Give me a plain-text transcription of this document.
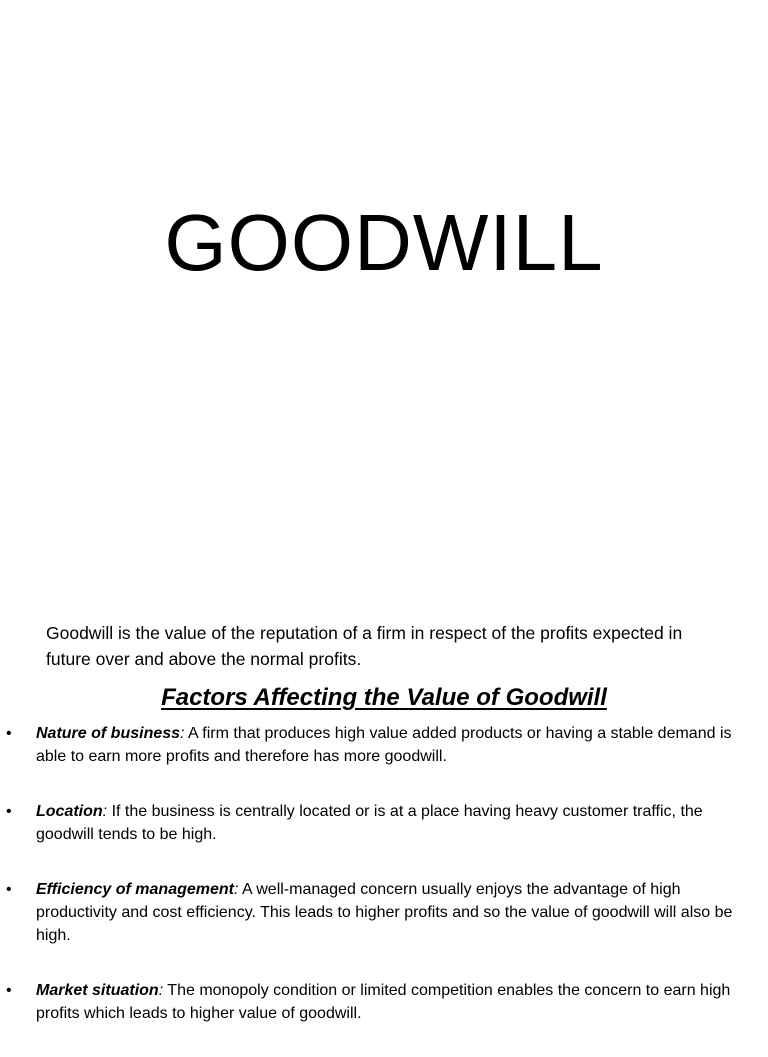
GOODWILL

Goodwill is the value of the reputation of a firm in respect of the profits expected in future over and above the normal profits.

Factors Affecting the Value of Goodwill
• Nature of business: A firm that produces high value added products or having a stable demand is able to earn more profits and therefore has more goodwill.
• Location: If the business is centrally located or is at a place having heavy customer traffic, the goodwill tends to be high.
• Efficiency of management: A well-managed concern usually enjoys the advantage of high productivity and cost efficiency. This leads to higher profits and so the value of goodwill will also be high.
• Market situation: The monopoly condition or limited competition enables the concern to earn high profits which leads to higher value of goodwill.
